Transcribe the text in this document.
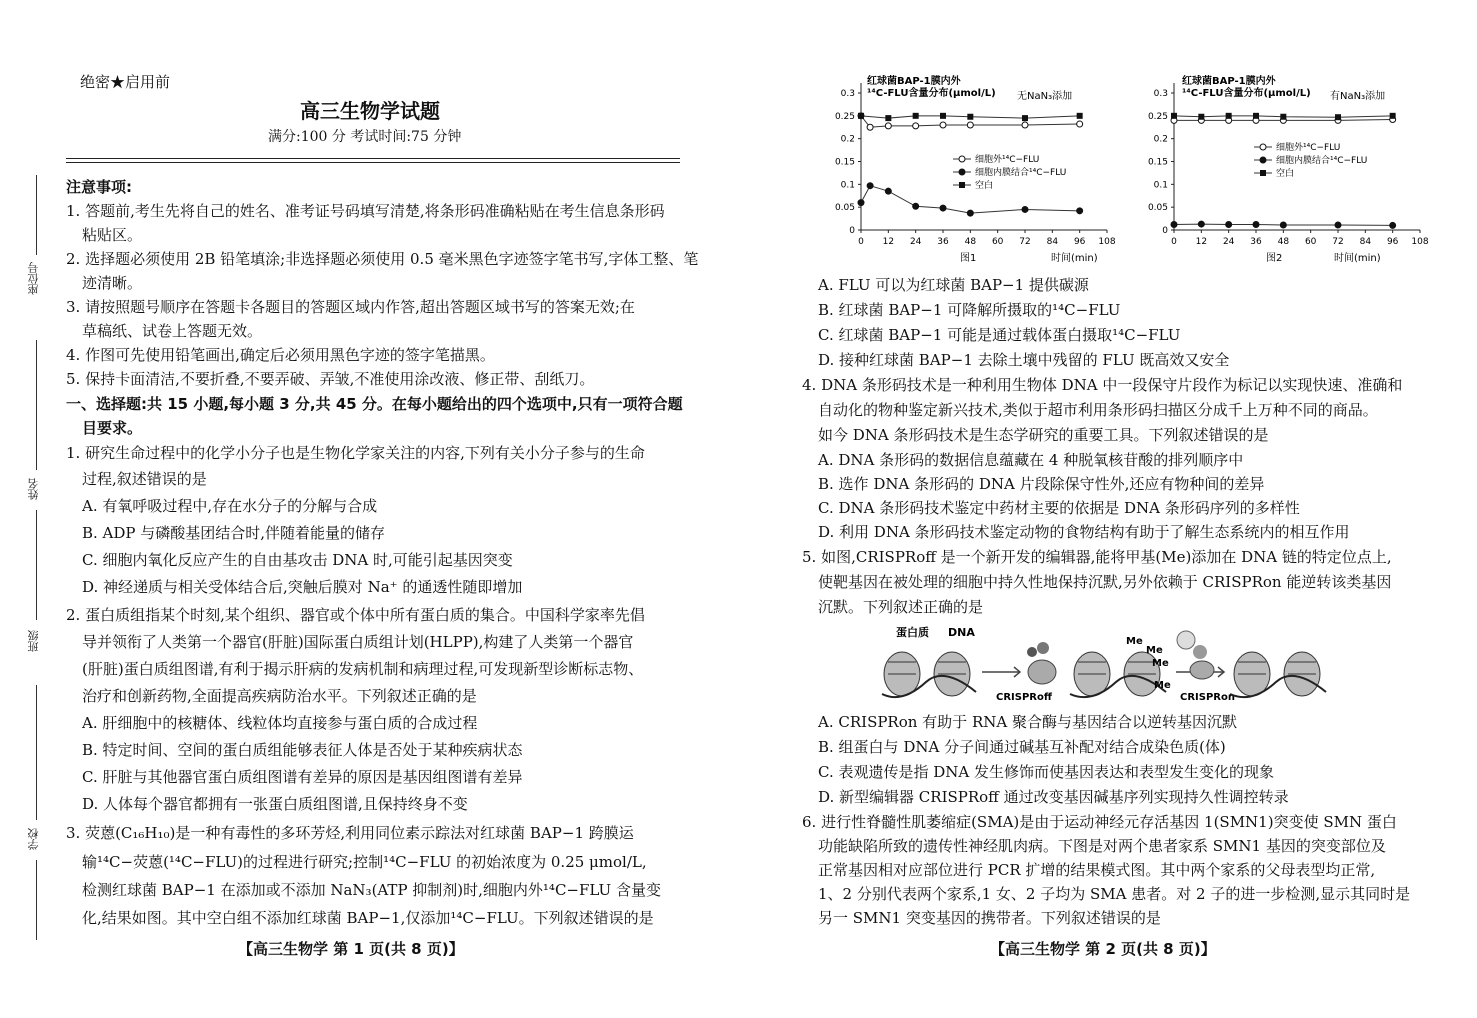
座位号
姓名
班级
学校
绝密★启用前
高三生物学试题
满分:100 分 考试时间:75 分钟
注意事项:
1. 答题前,考生先将自己的姓名、准考证号码填写清楚,将条形码准确粘贴在考生信息条形码
粘贴区。
2. 选择题必须使用 2B 铅笔填涂;非选择题必须使用 0.5 毫米黑色字迹签字笔书写,字体工整、笔
迹清晰。
3. 请按照题号顺序在答题卡各题目的答题区域内作答,超出答题区域书写的答案无效;在
草稿纸、试卷上答题无效。
4. 作图可先使用铅笔画出,确定后必须用黑色字迹的签字笔描黑。
5. 保持卡面清洁,不要折叠,不要弄破、弄皱,不准使用涂改液、修正带、刮纸刀。
一、选择题:共 15 小题,每小题 3 分,共 45 分。在每小题给出的四个选项中,只有一项符合题
目要求。
1. 研究生命过程中的化学小分子也是生物化学家关注的内容,下列有关小分子参与的生命
过程,叙述错误的是
A. 有氧呼吸过程中,存在水分子的分解与合成
B. ADP 与磷酸基团结合时,伴随着能量的储存
C. 细胞内氧化反应产生的自由基攻击 DNA 时,可能引起基因突变
D. 神经递质与相关受体结合后,突触后膜对 Na⁺ 的通透性随即增加
2. 蛋白质组指某个时刻,某个组织、器官或个体中所有蛋白质的集合。中国科学家率先倡
导并领衔了人类第一个器官(肝脏)国际蛋白质组计划(HLPP),构建了人类第一个器官
(肝脏)蛋白质组图谱,有利于揭示肝病的发病机制和病理过程,可发现新型诊断标志物、
治疗和创新药物,全面提高疾病防治水平。下列叙述正确的是
A. 肝细胞中的核糖体、线粒体均直接参与蛋白质的合成过程
B. 特定时间、空间的蛋白质组能够表征人体是否处于某种疾病状态
C. 肝脏与其他器官蛋白质组图谱有差异的原因是基因组图谱有差异
D. 人体每个器官都拥有一张蛋白质组图谱,且保持终身不变
3. 荧蒽(C₁₆H₁₀)是一种有毒性的多环芳烃,利用同位素示踪法对红球菌 BAP−1 跨膜运
输¹⁴C−荧蒽(¹⁴C−FLU)的过程进行研究;控制¹⁴C−FLU 的初始浓度为 0.25 μmol/L,
检测红球菌 BAP−1 在添加或不添加 NaN₃(ATP 抑制剂)时,细胞内外¹⁴C−FLU 含量变
化,结果如图。其中空白组不添加红球菌 BAP−1,仅添加¹⁴C−FLU。下列叙述错误的是
【高三生物学 第 1 页(共 8 页)】
红球菌BAP-1膜内外
¹⁴C-FLU含量分布(μmol/L) 无NaN₃添加
图1	时间(min)
0
0.05
0.1
0.15
0.2
0.25
0.3
0 12 24 36 48 60 72 84 96 108
细胞外¹⁴C−FLU
细胞内膜结合¹⁴C−FLU
空白
红球菌BAP-1膜内外
¹⁴C-FLU含量分布(μmol/L) 有NaN₃添加
图2	时间(min)
0
0.05
0.1
0.15
0.2
0.25
0.3
0 12 24 36 48 60 72 84 96 108
细胞外¹⁴C−FLU
细胞内膜结合¹⁴C−FLU
空白
A. FLU 可以为红球菌 BAP−1 提供碳源
B. 红球菌 BAP−1 可降解所摄取的¹⁴C−FLU
C. 红球菌 BAP−1 可能是通过载体蛋白摄取¹⁴C−FLU
D. 接种红球菌 BAP−1 去除土壤中残留的 FLU 既高效又安全
4. DNA 条形码技术是一种利用生物体 DNA 中一段保守片段作为标记以实现快速、准确和
自动化的物种鉴定新兴技术,类似于超市利用条形码扫描区分成千上万种不同的商品。
如今 DNA 条形码技术是生态学研究的重要工具。下列叙述错误的是
A. DNA 条形码的数据信息蕴藏在 4 种脱氧核苷酸的排列顺序中
B. 选作 DNA 条形码的 DNA 片段除保守性外,还应有物种间的差异
C. DNA 条形码技术鉴定中药材主要的依据是 DNA 条形码序列的多样性
D. 利用 DNA 条形码技术鉴定动物的食物结构有助于了解生态系统内的相互作用
5. 如图,CRISPRoff 是一个新开发的编辑器,能将甲基(Me)添加在 DNA 链的特定位点上,
使靶基因在被处理的细胞中持久性地保持沉默,另外依赖于 CRISPRon 能逆转该类基因
沉默。下列叙述正确的是
蛋白质 DNA
CRISPRoff
Me
Me
Me
Me
CRISPRon
A. CRISPRon 有助于 RNA 聚合酶与基因结合以逆转基因沉默
B. 组蛋白与 DNA 分子间通过碱基互补配对结合成染色质(体)
C. 表观遗传是指 DNA 发生修饰而使基因表达和表型发生变化的现象
D. 新型编辑器 CRISPRoff 通过改变基因碱基序列实现持久性调控转录
6. 进行性脊髓性肌萎缩症(SMA)是由于运动神经元存活基因 1(SMN1)突变使 SMN 蛋白
功能缺陷所致的遗传性神经肌肉病。下图是对两个患者家系 SMN1 基因的突变部位及
正常基因相对应部位进行 PCR 扩增的结果模式图。其中两个家系的父母表型均正常,
1、2 分别代表两个家系,1 女、2 子均为 SMA 患者。对 2 子的进一步检测,显示其同时是
另一 SMN1 突变基因的携带者。下列叙述错误的是
【高三生物学 第 2 页(共 8 页)】
